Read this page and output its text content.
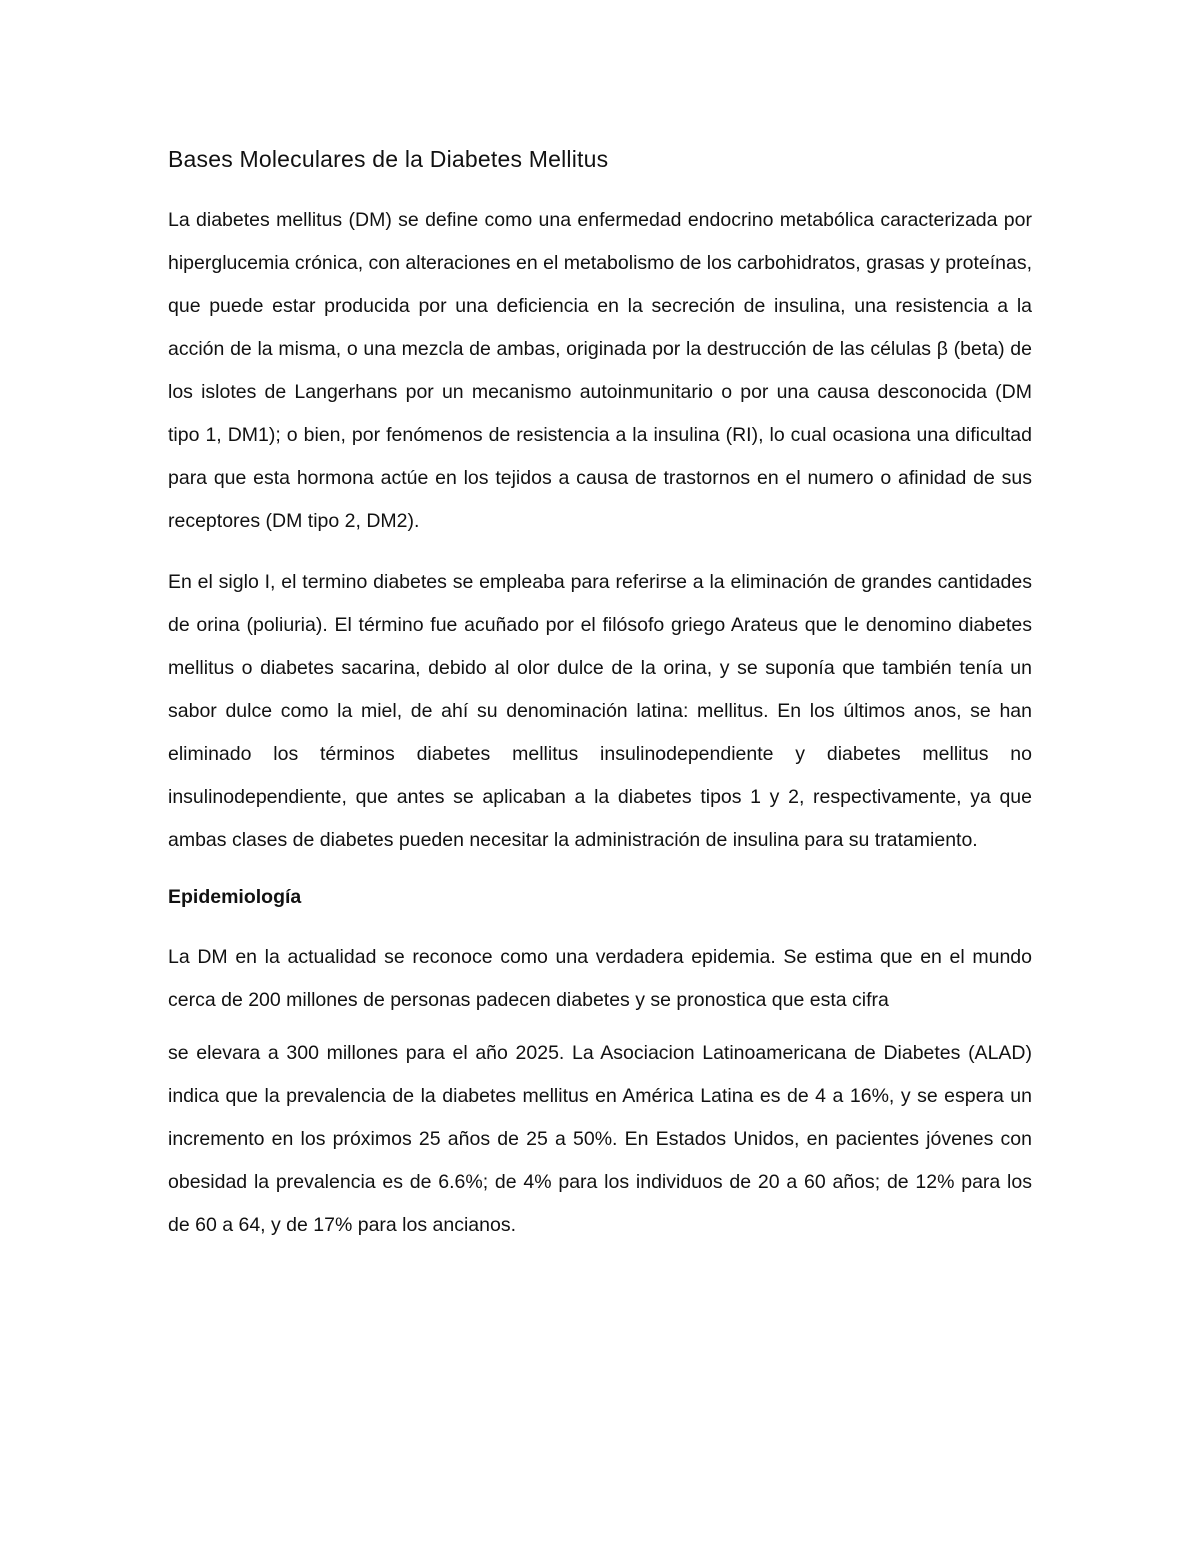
Bases Moleculares de la Diabetes Mellitus

La diabetes mellitus (DM) se define como una enfermedad endocrino metabólica caracterizada por hiperglucemia crónica, con alteraciones en el metabolismo de los carbohidratos, grasas y proteínas, que puede estar producida por una deficiencia en la secreción de insulina, una resistencia a la acción de la misma, o una mezcla de ambas, originada por la destrucción de las células β (beta) de los islotes de Langerhans por un mecanismo autoinmunitario o por una causa desconocida (DM tipo 1, DM1); o bien, por fenómenos de resistencia a la insulina (RI), lo cual ocasiona una dificultad para que esta hormona actúe en los tejidos a causa de trastornos en el numero o afinidad de sus receptores (DM tipo 2, DM2).

En el siglo I, el termino diabetes se empleaba para referirse a la eliminación de grandes cantidades de orina (poliuria). El término fue acuñado por el filósofo griego Arateus que le denomino diabetes mellitus o diabetes sacarina, debido al olor dulce de la orina, y se suponía que también tenía un sabor dulce como la miel, de ahí su denominación latina: mellitus. En los últimos anos, se han eliminado los términos diabetes mellitus insulinodependiente y diabetes mellitus no insulinodependiente, que antes se aplicaban a la diabetes tipos 1 y 2, respectivamente, ya que ambas clases de diabetes pueden necesitar la administración de insulina para su tratamiento.

Epidemiología

La DM en la actualidad se reconoce como una verdadera epidemia. Se estima que en el mundo cerca de 200 millones de personas padecen diabetes y se pronostica que esta cifra

se elevara a 300 millones para el año 2025. La Asociacion Latinoamericana de Diabetes (ALAD) indica que la prevalencia de la diabetes mellitus en América Latina es de 4 a 16%, y se espera un incremento en los próximos 25 años de 25 a 50%. En Estados Unidos, en pacientes jóvenes con obesidad la prevalencia es de 6.6%; de 4% para los individuos de 20 a 60 años; de 12% para los de 60 a 64, y de 17% para los ancianos.
